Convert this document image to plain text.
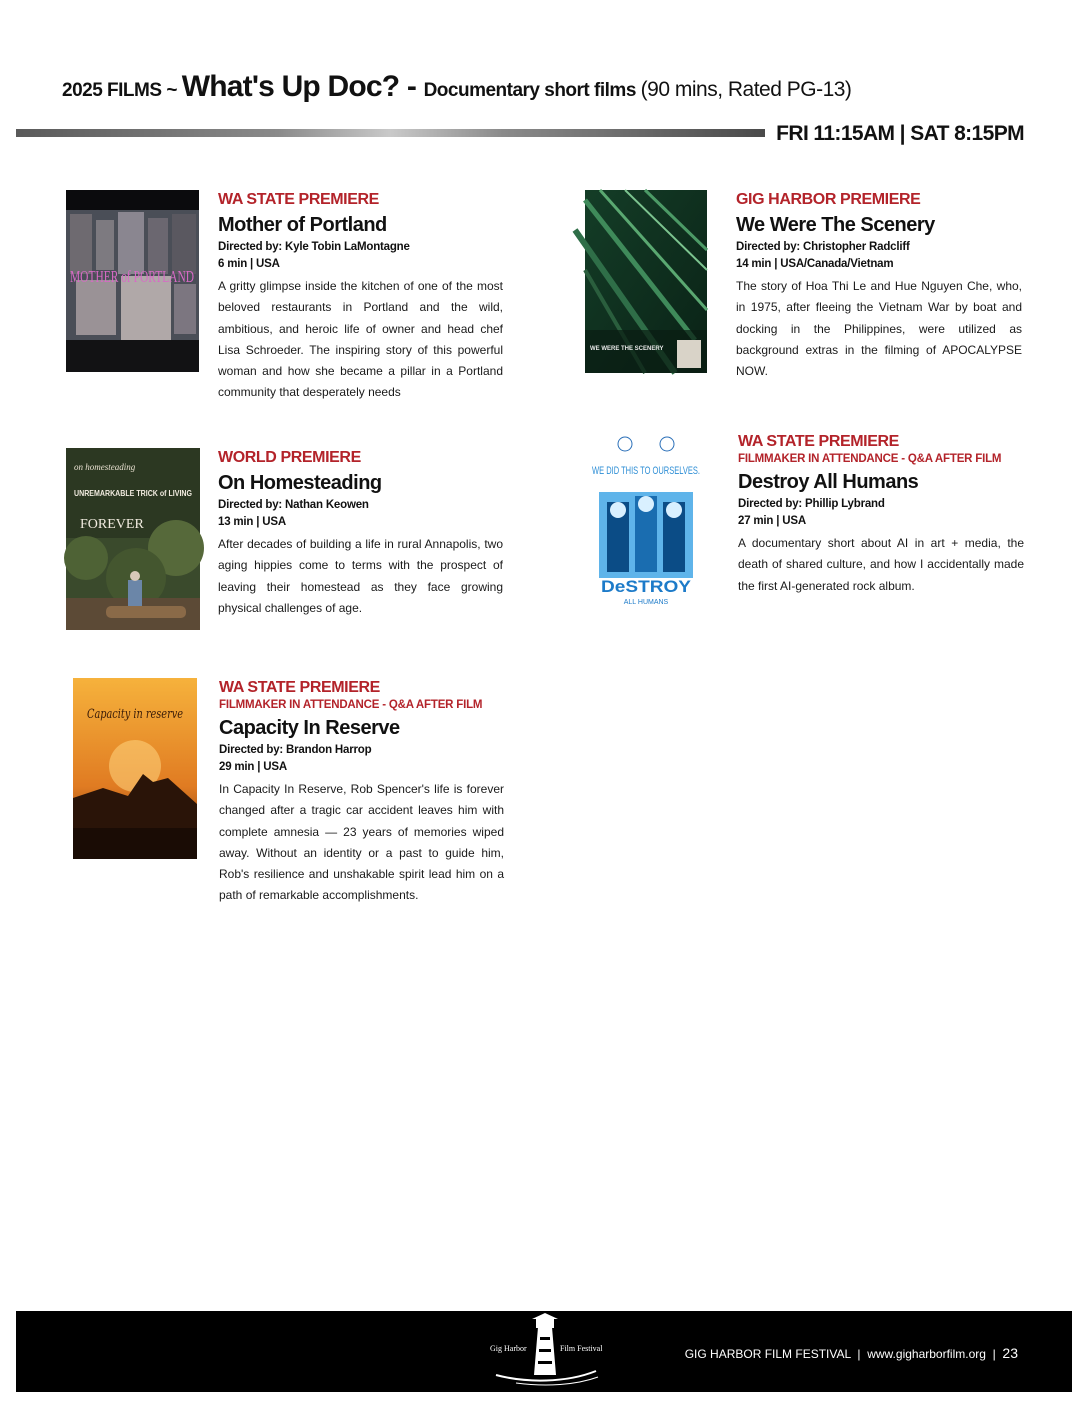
2025 FILMS ~ What's Up Doc? - Documentary short films (90 mins, Rated PG-13)
FRI 11:15AM | SAT 8:15PM
MOTHER of PORTLAND
WA STATE PREMIERE
Mother of Portland
Directed by: Kyle Tobin LaMontagne
6 min | USA
A gritty glimpse inside the kitchen of one of the most beloved restaurants in Portland and the wild, ambitious, and heroic life of owner and head chef Lisa Schroeder. The inspiring story of this powerful woman and how she became a pillar in a Portland community that desperately needs
WE WERE THE SCENERY
GIG HARBOR PREMIERE
We Were The Scenery
Directed by: Christopher Radcliff
14 min | USA/Canada/Vietnam
The story of Hoa Thi Le and Hue Nguyen Che, who, in 1975, after fleeing the Vietnam War by boat and docking in the Philippines, were utilized as background extras in the filming of APOCALYPSE NOW.
on homesteading
UNREMARKABLE TRICK of LIVING
FOREVER
WORLD PREMIERE
On Homesteading
Directed by: Nathan Keowen
13 min | USA
After decades of building a life in rural Annapolis, two aging hippies come to terms with the prospect of leaving their homestead as they face growing physical challenges of age.
WE DID THIS TO OURSELVES.
DeSTROY
ALL HUMANS
WA STATE PREMIERE
FILMMAKER IN ATTENDANCE - Q&A AFTER FILM
Destroy All Humans
Directed by: Phillip Lybrand
27 min | USA
A documentary short about AI in art + media, the death of shared culture, and how I accidentally made the first AI-generated rock album.
Capacity in reserve
WA STATE PREMIERE
FILMMAKER IN ATTENDANCE - Q&A AFTER FILM
Capacity In Reserve
Directed by: Brandon Harrop
29 min | USA
In Capacity In Reserve, Rob Spencer's life is forever changed after a tragic car accident leaves him with complete amnesia — 23 years of memories wiped away. Without an identity or a past to guide him, Rob's resilience and unshakable spirit lead him on a path of remarkable accomplishments.
Gig Harbor	Film Festival	GIG HARBOR FILM FESTIVAL  |  www.gigharborfilm.org  |  23
